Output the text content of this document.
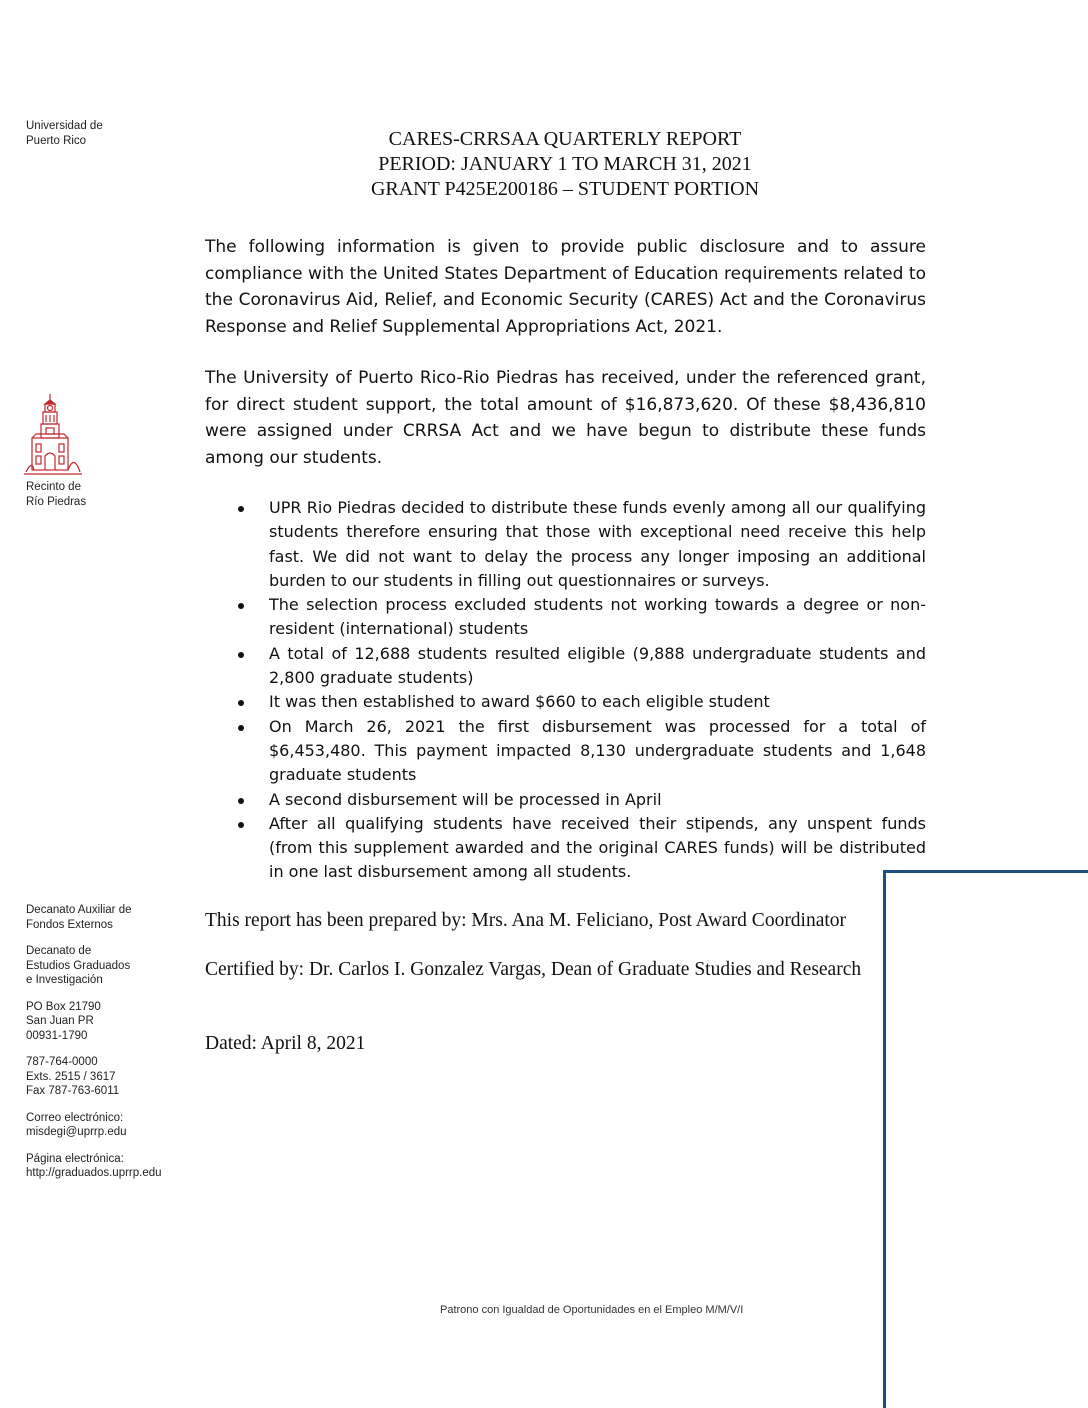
Universidad de
Puerto Rico
Recinto de
Río Piedras
Decanato Auxiliar de
Fondos Externos
Decanato de
Estudios Graduados
e Investigación
PO Box 21790
San Juan PR
00931-1790
787-764-0000
Exts. 2515 / 3617
Fax 787-763-6011
Correo electrónico:
misdegi@uprrp.edu
Página electrónica:
http://graduados.uprrp.edu
CARES-CRRSAA QUARTERLY REPORT
PERIOD: JANUARY 1 TO MARCH 31, 2021
GRANT P425E200186 – STUDENT PORTION

The following information is given to provide public disclosure and to assure compliance with the United States Department of Education requirements related to the Coronavirus Aid, Relief, and Economic Security (CARES) Act and the Coronavirus Response and Relief Supplemental Appropriations Act, 2021.

The University of Puerto Rico-Rio Piedras has received, under the referenced grant, for direct student support, the total amount of $16,873,620. Of these $8,436,810 were assigned under CRRSA Act and we have begun to distribute these funds among our students.

UPR Rio Piedras decided to distribute these funds evenly among all our qualifying students therefore ensuring that those with exceptional need receive this help fast. We did not want to delay the process any longer imposing an additional burden to our students in filling out questionnaires or surveys.
The selection process excluded students not working towards a degree or non-resident (international) students
A total of 12,688 students resulted eligible (9,888 undergraduate students and 2,800 graduate students)
It was then established to award $660 to each eligible student
On March 26, 2021 the first disbursement was processed for a total of $6,453,480. This payment impacted 8,130 undergraduate students and 1,648 graduate students
A second disbursement will be processed in April
After all qualifying students have received their stipends, any unspent funds (from this supplement awarded and the original CARES funds) will be distributed in one last disbursement among all students.
This report has been prepared by: Mrs. Ana M. Feliciano, Post Award Coordinator
Certified by: Dr. Carlos I. Gonzalez Vargas, Dean of Graduate Studies and Research
Dated: April 8, 2021
Patrono con Igualdad de Oportunidades en el Empleo M/M/V/I
